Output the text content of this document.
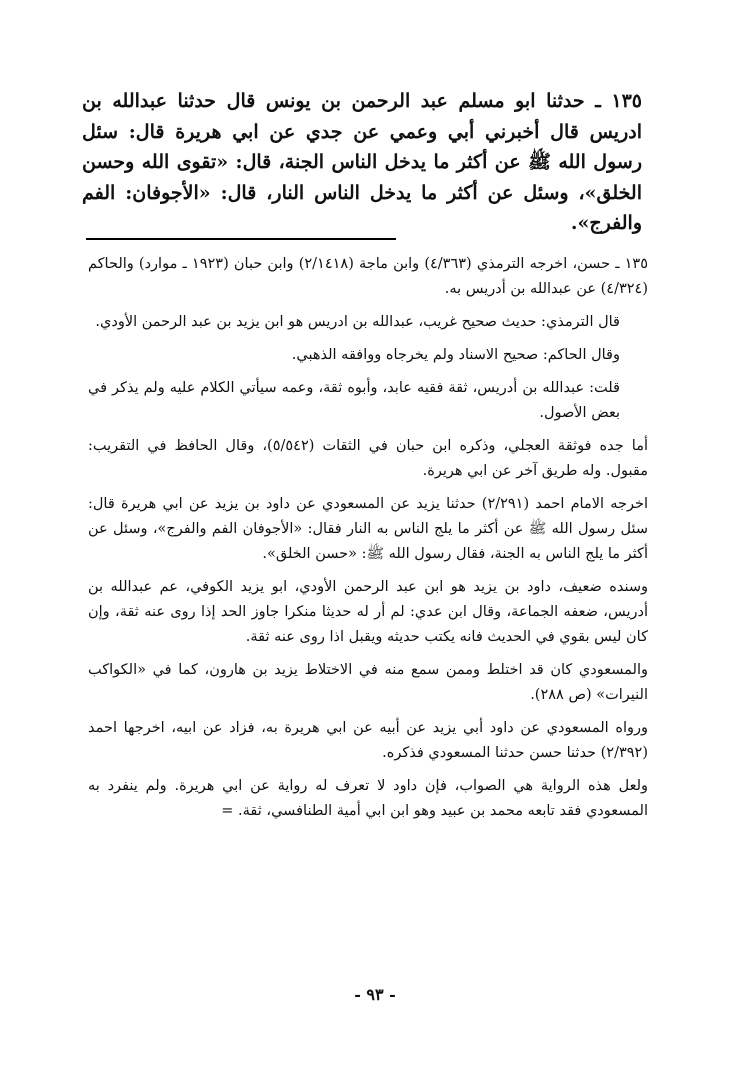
١٣٥ ـ حدثنا ابو مسلم عبد الرحمن بن يونس قال حدثنا عبدالله بن ادريس قال أخبرني أبي وعمي عن جدي عن ابي هريرة قال: سئل رسول الله ﷺ عن أكثر ما يدخل الناس الجنة، قال: «تقوى الله وحسن الخلق»، وسئل عن أكثر ما يدخل الناس النار، قال: «الأجوفان: الفم والفرج».

١٣٥ ـ حسن، اخرجه الترمذي (٤/٣٦٣) وابن ماجة (٢/١٤١٨) وابن حبان (١٩٢٣ ـ موارد) والحاكم (٤/٣٢٤) عن عبدالله بن أدريس به.

قال الترمذي: حديث صحيح غريب، عبدالله بن ادريس هو ابن يزيد بن عبد الرحمن الأودي.

وقال الحاكم: صحيح الاسناد ولم يخرجاه ووافقه الذهبي.

قلت: عبدالله بن أدريس، ثقة فقيه عابد، وأبوه ثقة، وعمه سيأتي الكلام عليه ولم يذكر في بعض الأصول.

أما جده فوثقة العجلي، وذكره ابن حبان في الثقات (٥/٥٤٢)، وقال الحافظ في التقريب: مقبول. وله طريق آخر عن ابي هريرة.

اخرجه الامام احمد (٢/٢٩١) حدثنا يزيد عن المسعودي عن داود بن يزيد عن ابي هريرة قال: سئل رسول الله ﷺ عن أكثر ما يلج الناس به النار فقال: «الأجوفان الفم والفرج»، وسئل عن أكثر ما يلج الناس به الجنة، فقال رسول الله ﷺ: «حسن الخلق».

وسنده ضعيف، داود بن يزيد هو ابن عبد الرحمن الأودي، ابو يزيد الكوفي، عم عبدالله بن أدريس، ضعفه الجماعة، وقال ابن عدي: لم أر له حديثا منكرا جاوز الحد إذا روى عنه ثقة، وإن كان ليس بقوي في الحديث فانه يكتب حديثه ويقبل اذا روى عنه ثقة.

والمسعودي كان قد اختلط وممن سمع منه في الاختلاط يزيد بن هارون، كما في «الكواكب النيرات» (ص ٢٨٨).

ورواه المسعودي عن داود أبي يزيد عن أبيه عن ابي هريرة به، فزاد عن ابيه، اخرجها احمد (٢/٣٩٢) حدثنا حسن حدثنا المسعودي فذكره.

ولعل هذه الرواية هي الصواب، فإن داود لا تعرف له رواية عن ابي هريرة. ولم ينفرد به المسعودي فقد تابعه محمد بن عبيد وهو ابن ابي أمية الطنافسي، ثقة. =

- ٩٣ -
